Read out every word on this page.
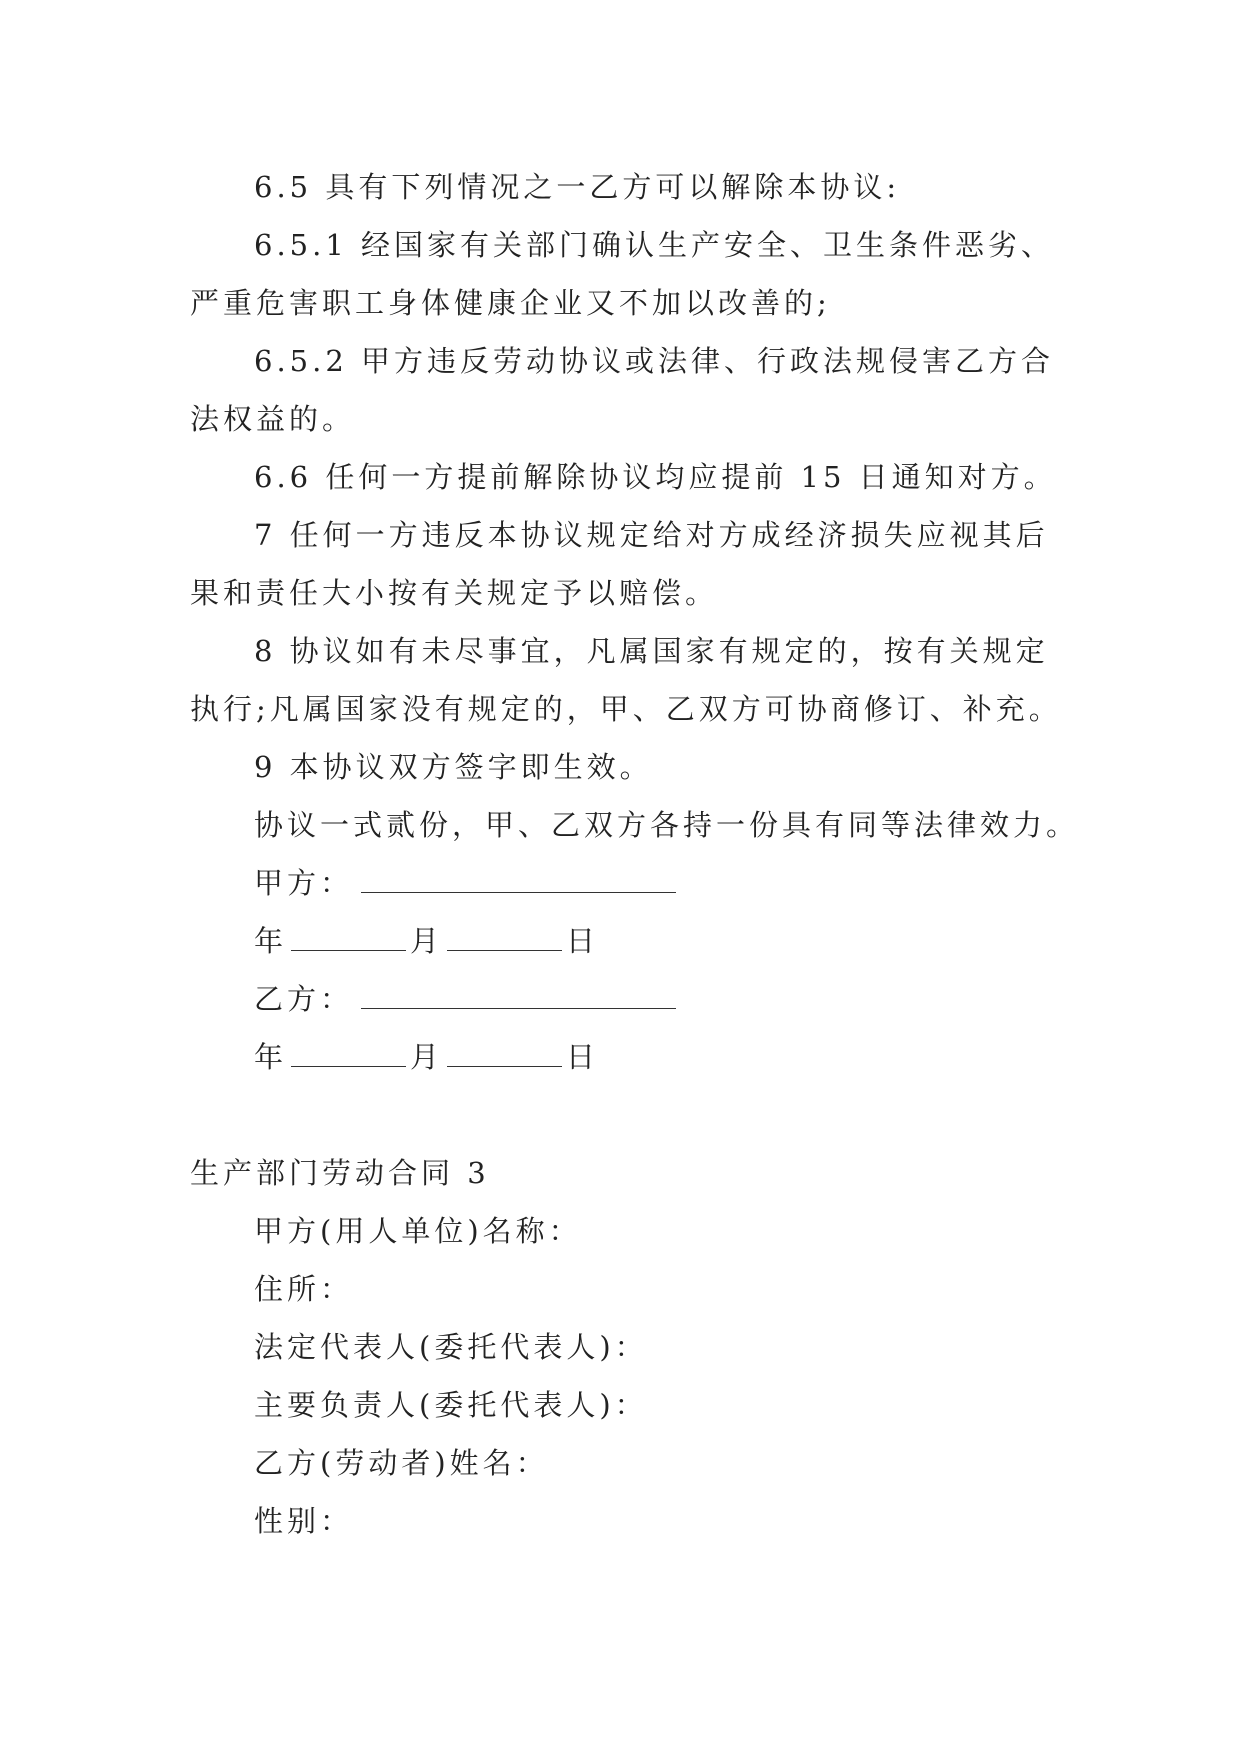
6.5 具有下列情况之一乙方可以解除本协议:
6.5.1 经国家有关部门确认生产安全、卫生条件恶劣、
严重危害职工身体健康企业又不加以改善的;
6.5.2 甲方违反劳动协议或法律、行政法规侵害乙方合
法权益的。
6.6 任何一方提前解除协议均应提前 15 日通知对方。
7 任何一方违反本协议规定给对方成经济损失应视其后
果和责任大小按有关规定予以赔偿。
8 协议如有未尽事宜，凡属国家有规定的，按有关规定
执行;凡属国家没有规定的，甲、乙双方可协商修订、补充。
9 本协议双方签字即生效。
协议一式贰份，甲、乙双方各持一份具有同等法律效力。
甲方：
年	月	日
乙方：
年	月	日
生产部门劳动合同 3
甲方(用人单位)名称：
住所：
法定代表人(委托代表人)：
主要负责人(委托代表人)：
乙方(劳动者)姓名：
性别：
